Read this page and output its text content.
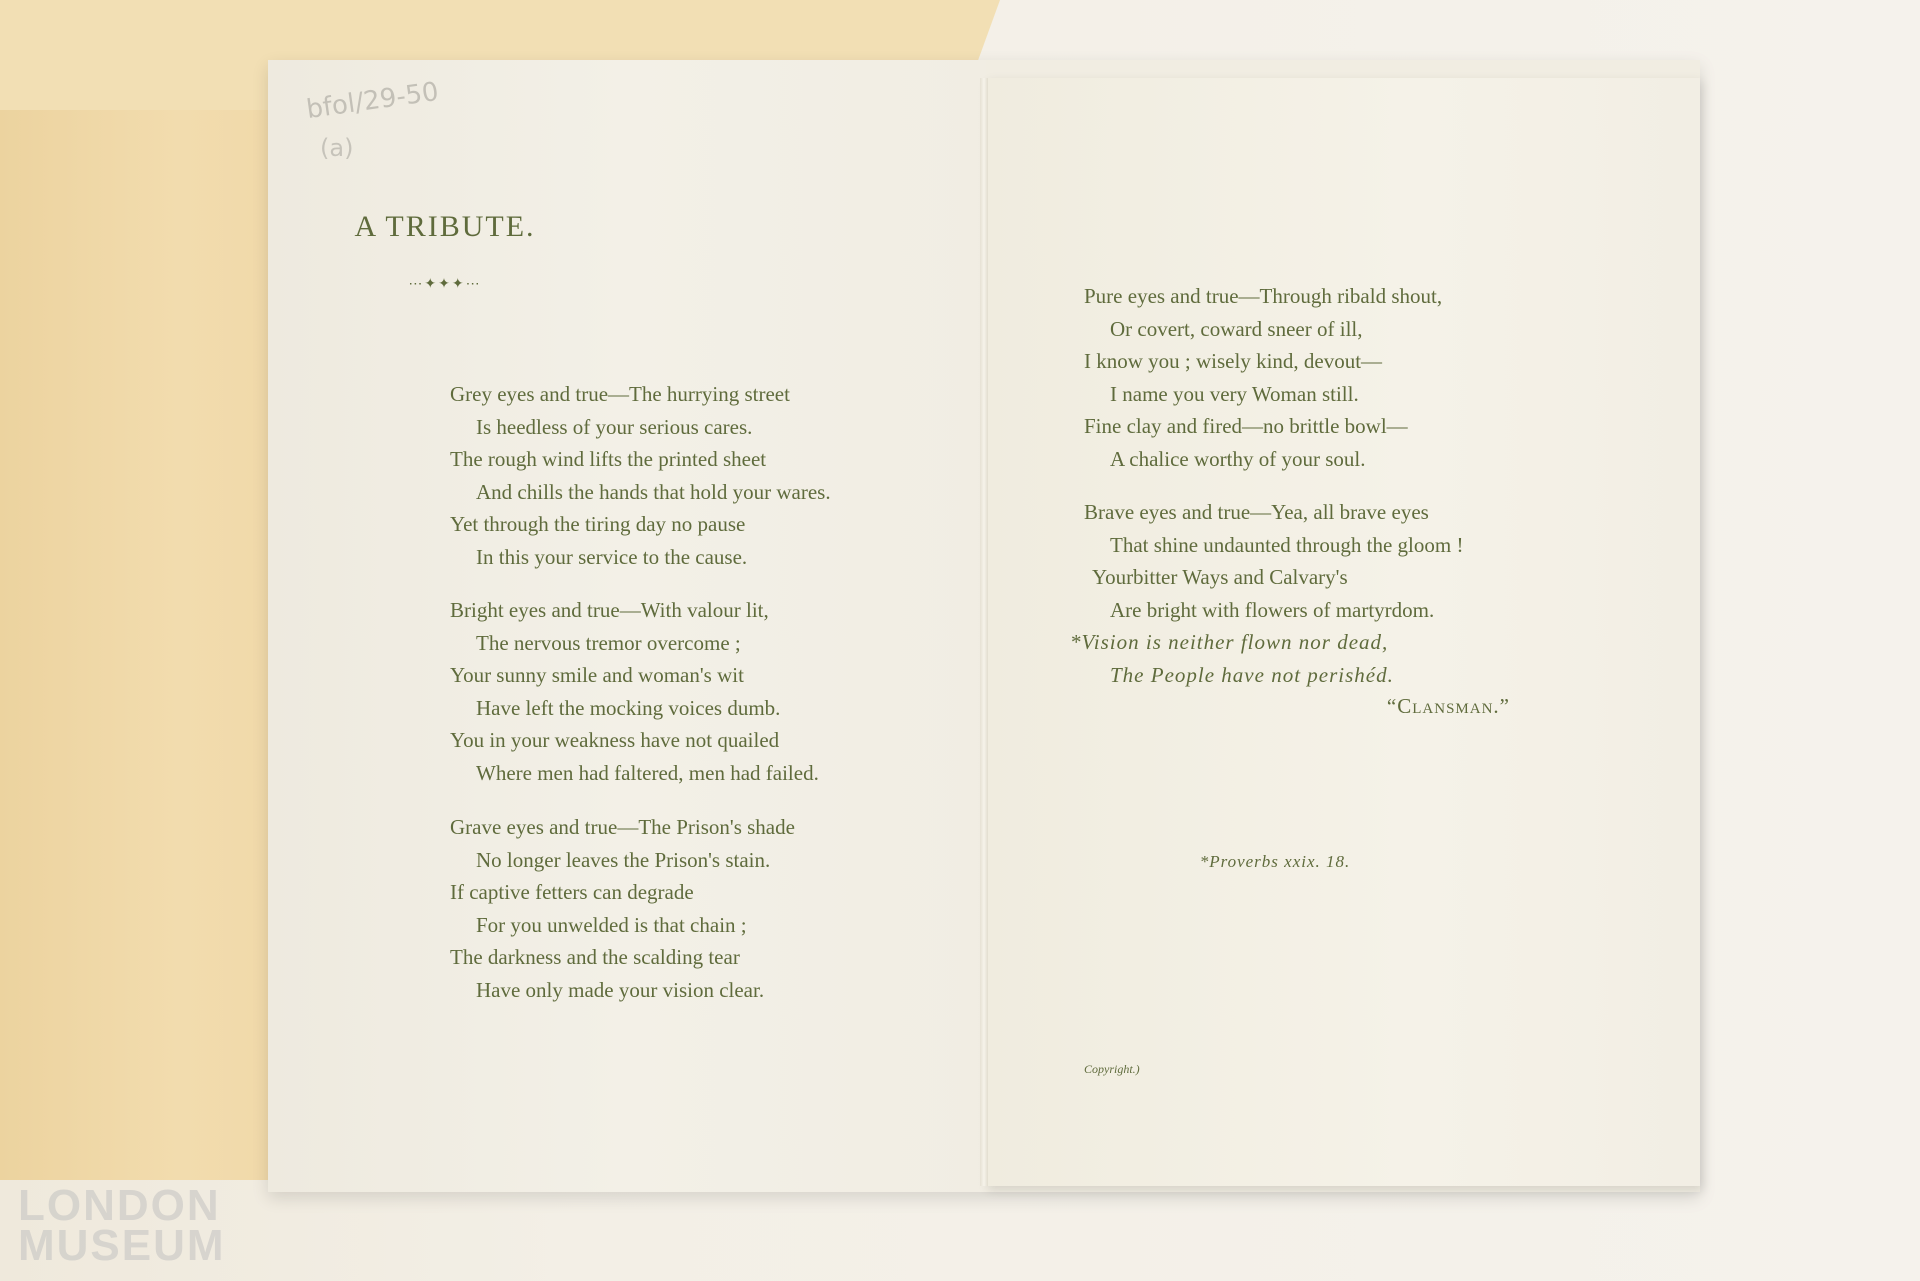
bfol/29-50
(a)
A TRIBUTE.
⋯✦✦✦⋯
Grey eyes and true—The hurrying street
Is heedless of your serious cares.
The rough wind lifts the printed sheet
And chills the hands that hold your wares.
Yet through the tiring day no pause
In this your service to the cause.
Bright eyes and true—With valour lit,
The nervous tremor overcome ;
Your sunny smile and woman's wit
Have left the mocking voices dumb.
You in your weakness have not quailed
Where men had faltered, men had failed.
Grave eyes and true—The Prison's shade
No longer leaves the Prison's stain.
If captive fetters can degrade
For you unwelded is that chain ;
The darkness and the scalding tear
Have only made your vision clear.
Pure eyes and true—Through ribald shout,
Or covert, coward sneer of ill,
I know you ; wisely kind, devout—
I name you very Woman still.
Fine clay and fired—no brittle bowl—
A chalice worthy of your soul.
Brave eyes and true—Yea, all brave eyes
That shine undaunted through the gloom !
Yourbitter Ways and Calvary's
Are bright with flowers of martyrdom.
*Vision is neither flown nor dead,
The People have not perishéd.
“Clansman.”
*Proverbs xxix. 18.
Copyright.)
LONDON
MUSEUM
